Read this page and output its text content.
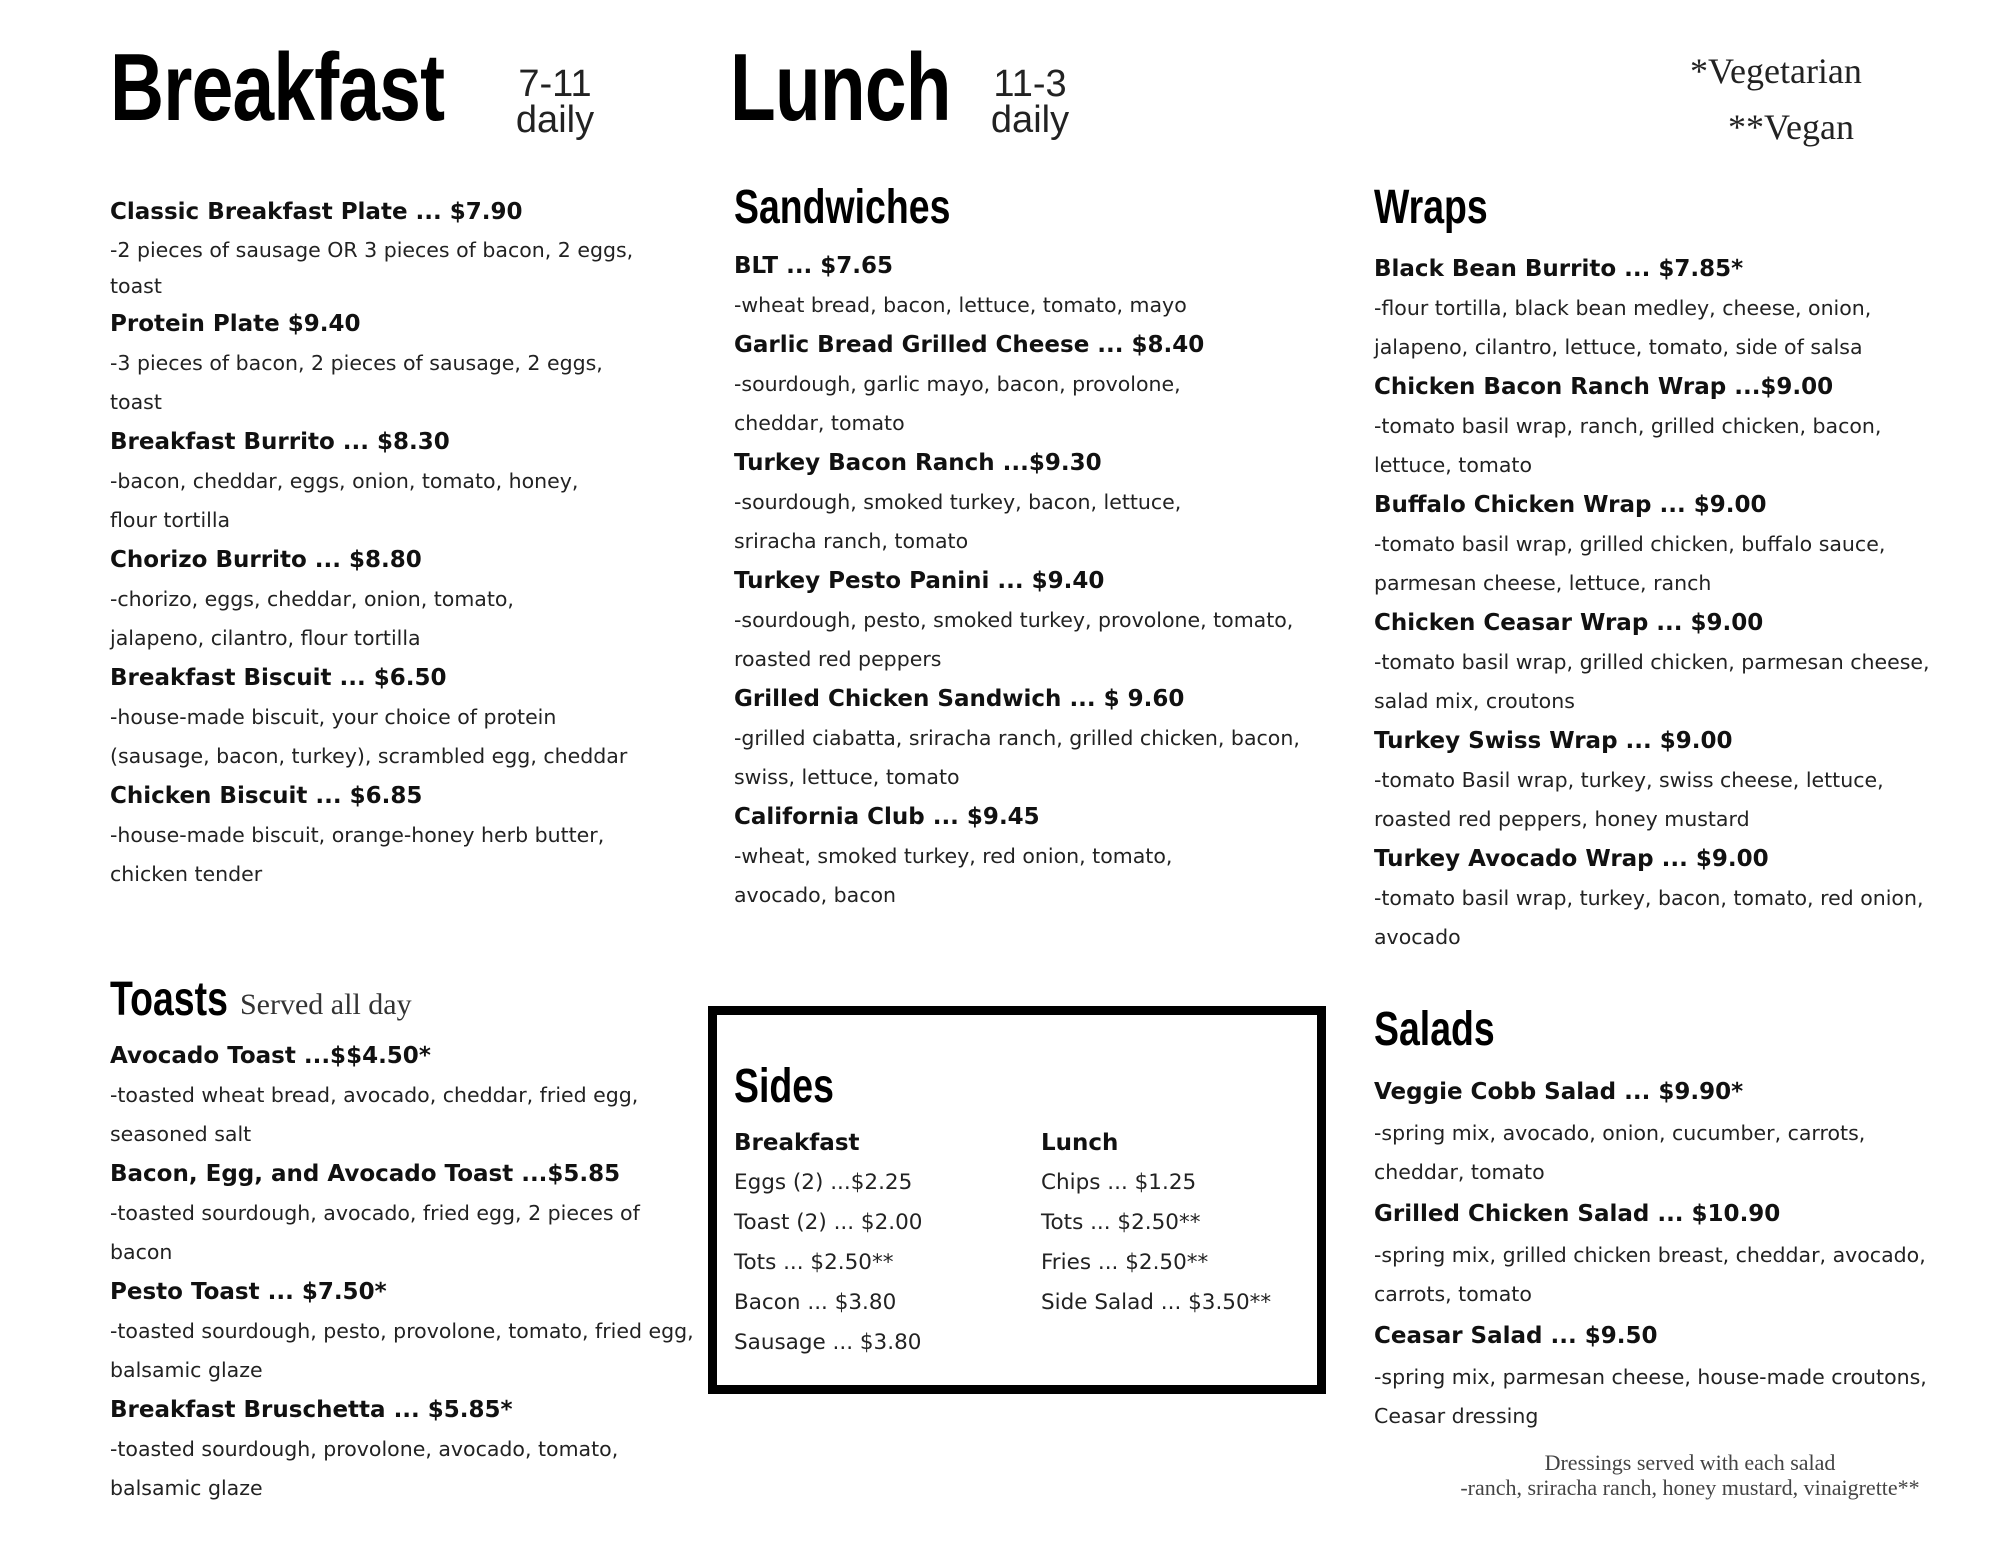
Breakfast 7-11
daily Lunch 11-3
daily
*Vegetarian
**Vegan
Classic Breakfast Plate ... $7.90
-2 pieces of sausage OR 3 pieces of bacon, 2 eggs, toast
Protein Plate $9.40
-3 pieces of bacon, 2 pieces of sausage, 2 eggs, toast
Breakfast Burrito ... $8.30
-bacon, cheddar, eggs, onion, tomato, honey, flour tortilla
Chorizo Burrito ... $8.80
-chorizo, eggs, cheddar, onion, tomato, jalapeno, cilantro, flour tortilla
Breakfast Biscuit ... $6.50
-house-made biscuit, your choice of protein (sausage, bacon, turkey), scrambled egg, cheddar
Chicken Biscuit ... $6.85
-house-made biscuit, orange-honey herb butter, chicken tender
Toasts Served all day
Avocado Toast ...$$4.50*
-toasted wheat bread, avocado, cheddar, fried egg, seasoned salt
Bacon, Egg, and Avocado Toast ...$5.85
-toasted sourdough, avocado, fried egg, 2 pieces of bacon
Pesto Toast ... $7.50*
-toasted sourdough, pesto, provolone, tomato, fried egg, balsamic glaze
Breakfast Bruschetta ... $5.85*
-toasted sourdough, provolone, avocado, tomato, balsamic glaze
Sandwiches
BLT ... $7.65
-wheat bread, bacon, lettuce, tomato, mayo
Garlic Bread Grilled Cheese ... $8.40
-sourdough, garlic mayo, bacon, provolone, cheddar, tomato
Turkey Bacon Ranch ...$9.30
-sourdough, smoked turkey, bacon, lettuce, sriracha ranch, tomato
Turkey Pesto Panini ... $9.40
-sourdough, pesto, smoked turkey, provolone, tomato, roasted red peppers
Grilled Chicken Sandwich ... $ 9.60
-grilled ciabatta, sriracha ranch, grilled chicken, bacon, swiss, lettuce, tomato
California Club ... $9.45
-wheat, smoked turkey, red onion, tomato, avocado, bacon
Sides
Breakfast
Eggs (2) ...$2.25
Toast (2) ... $2.00
Tots ... $2.50**
Bacon ... $3.80
Sausage ... $3.80
Lunch
Chips ... $1.25
Tots ... $2.50**
Fries ... $2.50**
Side Salad ... $3.50**
Wraps
Black Bean Burrito ... $7.85*
-flour tortilla, black bean medley, cheese, onion, jalapeno, cilantro, lettuce, tomato, side of salsa
Chicken Bacon Ranch Wrap ...$9.00
-tomato basil wrap, ranch, grilled chicken, bacon, lettuce, tomato
Buffalo Chicken Wrap ... $9.00
-tomato basil wrap, grilled chicken, buffalo sauce, parmesan cheese, lettuce, ranch
Chicken Ceasar Wrap ... $9.00
-tomato basil wrap, grilled chicken, parmesan cheese, salad mix, croutons
Turkey Swiss Wrap ... $9.00
-tomato Basil wrap, turkey, swiss cheese, lettuce, roasted red peppers, honey mustard
Turkey Avocado Wrap ... $9.00
-tomato basil wrap, turkey, bacon, tomato, red onion, avocado
Salads
Veggie Cobb Salad ... $9.90*
-spring mix, avocado, onion, cucumber, carrots, cheddar, tomato
Grilled Chicken Salad ... $10.90
-spring mix, grilled chicken breast, cheddar, avocado, carrots, tomato
Ceasar Salad ... $9.50
-spring mix, parmesan cheese, house-made croutons, Ceasar dressing
Dressings served with each salad
-ranch, sriracha ranch, honey mustard, vinaigrette**
